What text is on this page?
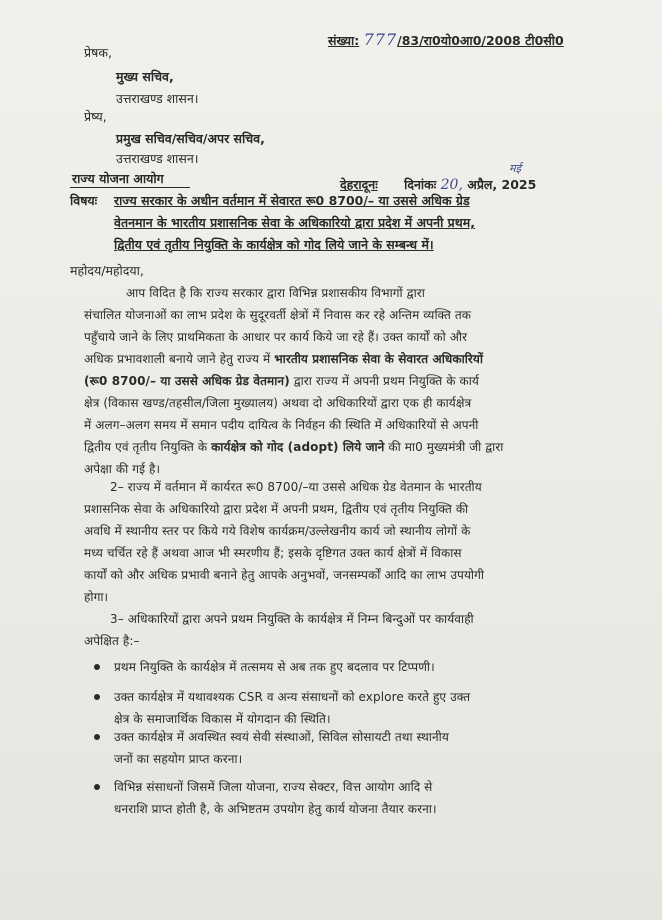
संख्या: 777/83/रा0यो0आ0/2008 टी0सी0
प्रेषक,
मुख्य सचिव,
उत्तराखण्ड शासन।
प्रेष्य,
प्रमुख सचिव/सचिव/अपर सचिव,
उत्तराखण्ड शासन।
राज्य योजना आयोग
मई
देहरादूनः दिनांकः 20, अप्रैल, 2025
विषयः राज्य सरकार के अधीन वर्तमान में सेवारत रू0 8700/– या उससे अधिक ग्रेड
वेतनमान के भारतीय प्रशासनिक सेवा के अधिकारियो द्वारा प्रदेश में अपनी प्रथम,
द्वितीय एवं तृतीय नियुक्ति के कार्यक्षेत्र को गोद लिये जाने के सम्बन्ध में।
महोदय/महोदया,
आप विदित है कि राज्य सरकार द्वारा विभिन्न प्रशासकीय विभागों द्वारा
संचालित योजनाओं का लाभ प्रदेश के सुदूरवर्ती क्षेत्रों में निवास कर रहे अन्तिम व्यक्ति तक
पहुँचाये जाने के लिए प्राथमिकता के आधार पर कार्य किये जा रहे हैं। उक्त कार्यों को और
अधिक प्रभावशाली बनाये जाने हेतु राज्य में भारतीय प्रशासनिक सेवा के सेवारत अधिकारियों
(रू0 8700/– या उससे अधिक ग्रेड वेतमान) द्वारा राज्य में अपनी प्रथम नियुक्ति के कार्य
क्षेत्र (विकास खण्ड/तहसील/जिला मुख्यालय) अथवा दो अधिकारियों द्वारा एक ही कार्यक्षेत्र
में अलग–अलग समय में समान पदीय दायित्व के निर्वहन की स्थिति में अधिकारियों से अपनी
द्वितीय एवं तृतीय नियुक्ति के कार्यक्षेत्र को गोद (adopt) लिये जाने की मा0 मुख्यमंत्री जी द्वारा
अपेक्षा की गई है।
2– राज्य में वर्तमान में कार्यरत रू0 8700/–या उससे अधिक ग्रेड वेतमान के भारतीय
प्रशासनिक सेवा के अधिकारियो द्वारा प्रदेश में अपनी प्रथम, द्वितीय एवं तृतीय नियुक्ति की
अवधि में स्थानीय स्तर पर किये गये विशेष कार्यक्रम/उल्लेखनीय कार्य जो स्थानीय लोगों के
मध्य चर्चित रहे हैं अथवा आज भी स्मरणीय हैं; इसके दृष्टिगत उक्त कार्य क्षेत्रों में विकास
कार्यों को और अधिक प्रभावी बनाने हेतु आपके अनुभवों, जनसम्पर्कों आदि का लाभ उपयोगी
होगा।
3– अधिकारियों द्वारा अपने प्रथम नियुक्ति के कार्यक्षेत्र में निम्न बिन्दुओं पर कार्यवाही
अपेक्षित है:–
प्रथम नियुक्ति के कार्यक्षेत्र में तत्समय से अब तक हुए बदलाव पर टिप्पणी।
उक्त कार्यक्षेत्र में यथावश्यक CSR व अन्य संसाधनों को explore करते हुए उक्त
क्षेत्र के समाजार्थिक विकास में योगदान की स्थिति।
उक्त कार्यक्षेत्र में अवस्थित स्वयं सेवी संस्थाओं, सिविल सोसायटी तथा स्थानीय
जनों का सहयोग प्राप्त करना।
विभिन्न संसाधनों जिसमें जिला योजना, राज्य सेक्टर, वित्त आयोग आदि से
धनराशि प्राप्त होती है, के अभिष्टतम उपयोग हेतु कार्य योजना तैयार करना।
